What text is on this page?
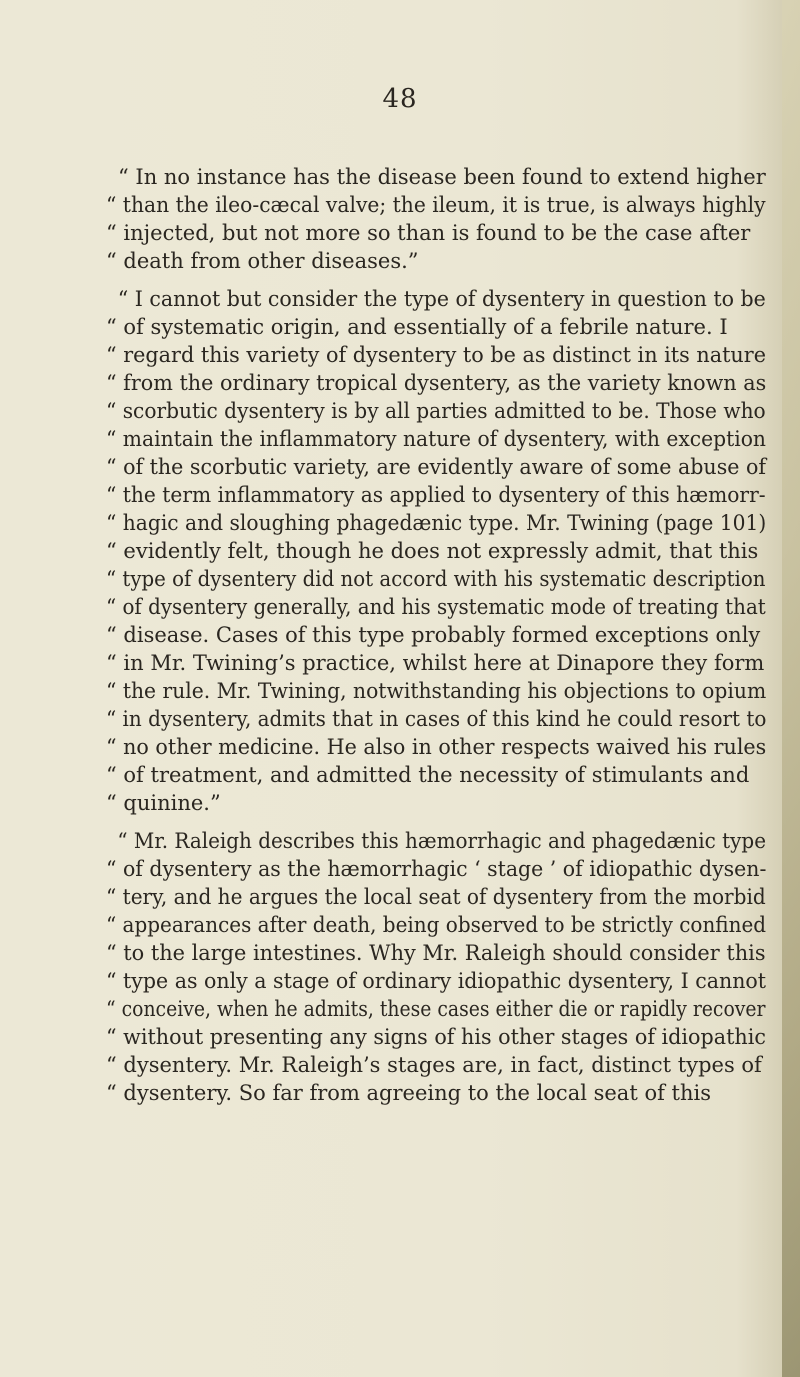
48
“ In no instance has the disease been found to extend higher
“ than the ileo-cæcal valve; the ileum, it is true, is always highly
“ injected, but not more so than is found to be the case after
“ death from other diseases.”
“ I cannot but consider the type of dysentery in question to be
“ of systematic origin, and essentially of a febrile nature. I
“ regard this variety of dysentery to be as distinct in its nature
“ from the ordinary tropical dysentery, as the variety known as
“ scorbutic dysentery is by all parties admitted to be. Those who
“ maintain the inflammatory nature of dysentery, with exception
“ of the scorbutic variety, are evidently aware of some abuse of
“ the term inflammatory as applied to dysentery of this hæmorr-
“ hagic and sloughing phagedænic type. Mr. Twining (page 101)
“ evidently felt, though he does not expressly admit, that this
“ type of dysentery did not accord with his systematic description
“ of dysentery generally, and his systematic mode of treating that
“ disease. Cases of this type probably formed exceptions only
“ in Mr. Twining’s practice, whilst here at Dinapore they form
“ the rule. Mr. Twining, notwithstanding his objections to opium
“ in dysentery, admits that in cases of this kind he could resort to
“ no other medicine. He also in other respects waived his rules
“ of treatment, and admitted the necessity of stimulants and
“ quinine.”
“ Mr. Raleigh describes this hæmorrhagic and phagedænic type
“ of dysentery as the hæmorrhagic ‘ stage ’ of idiopathic dysen-
“ tery, and he argues the local seat of dysentery from the morbid
“ appearances after death, being observed to be strictly confined
“ to the large intestines. Why Mr. Raleigh should consider this
“ type as only a stage of ordinary idiopathic dysentery, I cannot
“ conceive, when he admits, these cases either die or rapidly recover
“ without presenting any signs of his other stages of idiopathic
“ dysentery. Mr. Raleigh’s stages are, in fact, distinct types of
“ dysentery. So far from agreeing to the local seat of this
